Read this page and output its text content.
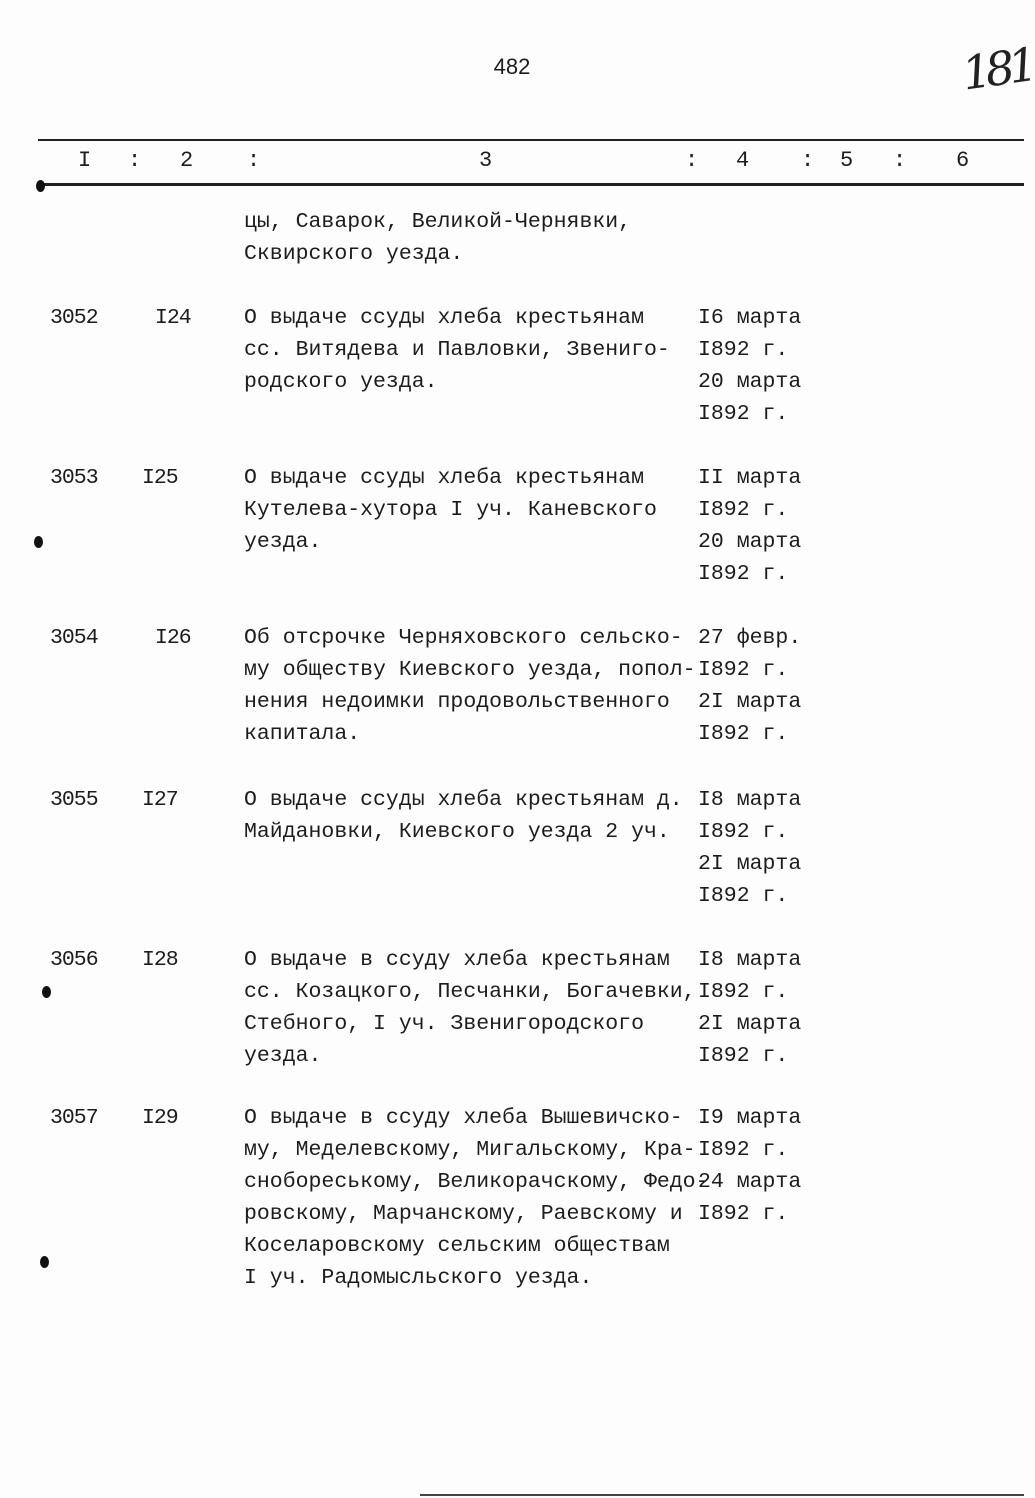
482	181
I : 2 :	3	: 4 : 5 : 6
цы, Саварок, Великой-Чернявки,
Сквирского уезда.
3052	I24 О выдаче ссуды хлеба крестьянам
сс. Витядева и Павловки, Звениго-
родского уезда.
I6 марта
I892 г.
20 марта
I892 г.
3053 I25	О выдаче ссуды хлеба крестьянам
Кутелева-хутора I уч. Каневского
уезда.
II марта
I892 г.
20 марта
I892 г.
3054	I26 Об отсрочке Черняховского сельско-
му обществу Киевского уезда, попол-
нения недоимки продовольственного
капитала.
27 февр.
I892 г.
2I марта
I892 г.
3055 I27	О выдаче ссуды хлеба крестьянам д.
Майдановки, Киевского уезда 2 уч.
I8 марта
I892 г.
2I марта
I892 г.
3056 I28	О выдаче в ссуду хлеба крестьянам
сс. Козацкого, Песчанки, Богачевки,
Стебного, I уч. Звенигородского
уезда.
I8 марта
I892 г.
2I марта
I892 г.
3057 I29	О выдаче в ссуду хлеба Вышевичско-
му, Меделевскому, Мигальскому, Кра-
снобореському, Великорачскому, Федо-
ровскому, Марчанскому, Раевскому и
Коселаровскому сельским обществам
I уч. Радомысльского уезда.
I9 марта
I892 г.
24 марта
I892 г.
